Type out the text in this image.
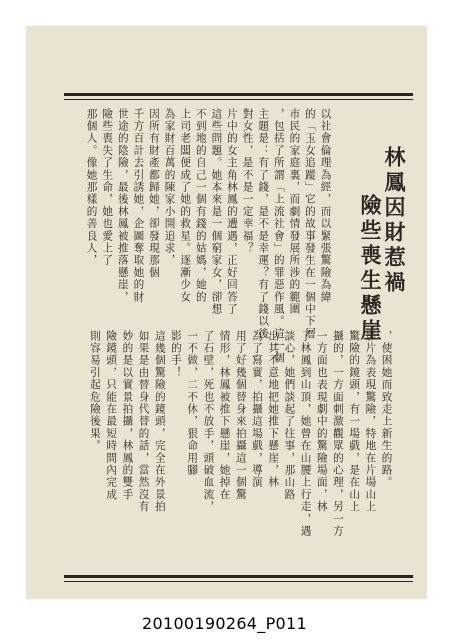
林鳳因財惹禍
險些喪生懸崖
以社會倫理為經，而以緊張驚險為緯
的「玉女追蹤」它的故事發生在一個中下層
市民的家庭裏，而劇情發展所涉的範圍
，包括了所謂「上流社會」的罪惡作風。這一個
主題是：有了錢，是不是幸運？有了錢以後
對女性，是不是一定幸福？
片中的女主角林鳳的遭遇，正好回答了
這些問題。她本來是一個窮家女，卻想
不到地的自己一個有錢的姑媽，她的
上司老闆便成了她的救星。逐漸少女
為家財百萬的陳家小開追求，
因所有財產都歸她，卻發現那個
千方百計去引誘她，企圖奪取她的財
世途的陰險，最後林鳳被推落懸崖，
險些喪失了生命，她也愛上了
那個人。像她那樣的善良人，
，使困她而致走上新生的路。
影片為表現驚險，特地在片場山上
驚險的鏡頭，有一場戲，是在山上
攝的，一方面刺激觀眾的心理，另一方
一方面也表現劇中的驚險場面，林
了林鳳到山頂，她曾在山腰上行走，遇
談心，她們談起了往事，那山路
出其不意地把她推下懸崖，林
為了寫實，拍攝這場戲，導演
用了好幾個替身來拍攝這一個驚
情形，林鳳被推下懸崖，她掉在
了石壁，死也不放手，頭破血流，
一不做，二不休，狠命用腳
影的手！
這幾個驚險的鏡頭，完全在外景拍
如果是由替身代替的話，當然沒有
妙的是以實景拍攝，林鳳的雙手
險鏡頭，只能在最短時間內完成
則容易引起危險後果。
20100190264_P011
